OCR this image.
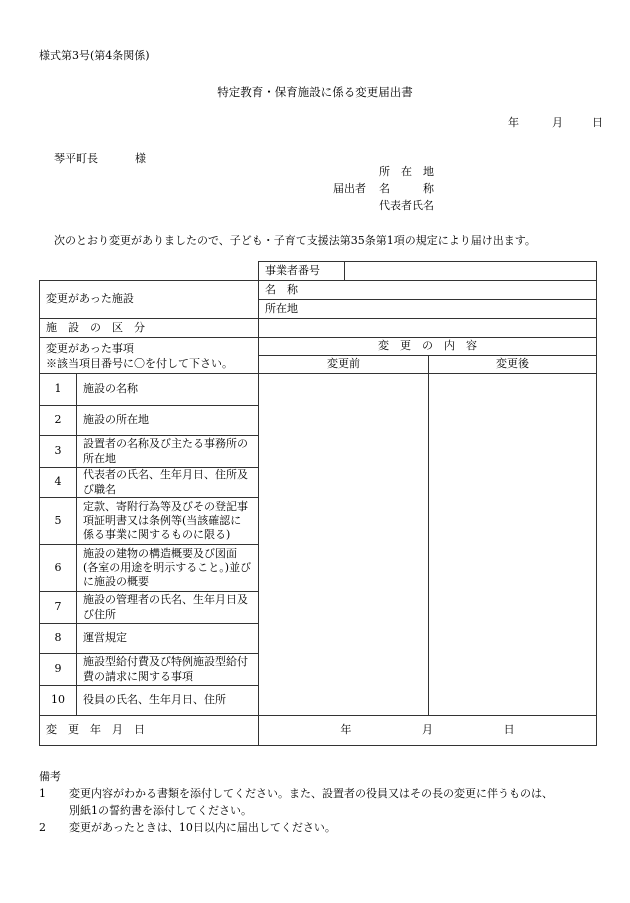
様式第3号(第4条関係)
特定教育・保育施設に係る変更届出書
年	月	日
琴平町長	様
所　在　地
届出者 名　　　称
代表者氏名
次のとおり変更がありましたので、子ども・子育て支援法第35条第1項の規定により届け出ます。
		事業者番号		
変更があった施設		名　称		
		所在地		
施　設　の　区　分				

変更があった事項
※該当項目番号に〇を付して下さい。		変　更　の　内　容		
		変更前		変更後
1	施設の名称			
2	施設の所在地			
3	設置者の名称及び主たる事務所の所在地			
4	代表者の氏名、生年月日、住所及び職名			
5	定款、寄附行為等及びその登記事項証明書又は条例等(当該確認に係る事業に関するものに限る)			
6	施設の建物の構造概要及び図面(各室の用途を明示すること。)並びに施設の概要			
7	施設の管理者の氏名、生年月日及び住所			
8	運営規定			
9	施設型給付費及び特例施設型給付費の請求に関する事項			
10	役員の氏名、生年月日、住所			
変　更　年　月　日		年 月 日		
備考
1	変更内容がわかる書類を添付してください。また、設置者の役員又はその長の変更に伴うものは、
別紙1の誓約書を添付してください。
2	変更があったときは、10日以内に届出してください。
